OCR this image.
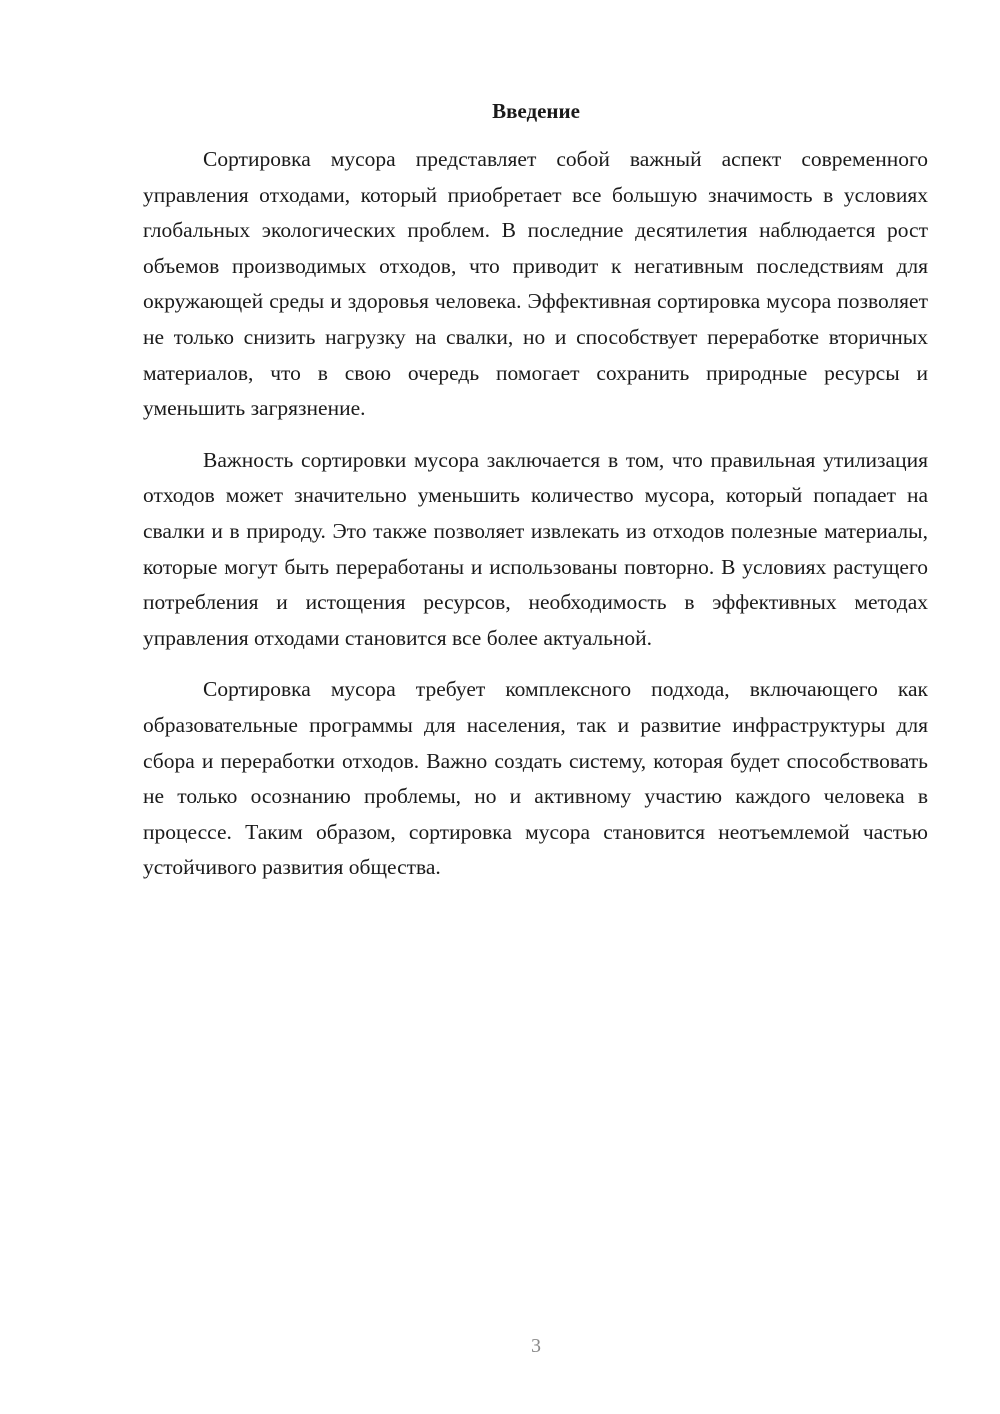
Введение

Сортировка мусора представляет собой важный аспект современного управления отходами, который приобретает все большую значимость в условиях глобальных экологических проблем. В последние десятилетия наблюдается рост объемов производимых отходов, что приводит к негативным последствиям для окружающей среды и здоровья человека. Эффективная сортировка мусора позволяет не только снизить нагрузку на свалки, но и способствует переработке вторичных материалов, что в свою очередь помогает сохранить природные ресурсы и уменьшить загрязнение.

Важность сортировки мусора заключается в том, что правильная утилизация отходов может значительно уменьшить количество мусора, который попадает на свалки и в природу. Это также позволяет извлекать из отходов полезные материалы, которые могут быть переработаны и использованы повторно. В условиях растущего потребления и истощения ресурсов, необходимость в эффективных методах управления отходами становится все более актуальной.

Сортировка мусора требует комплексного подхода, включающего как образовательные программы для населения, так и развитие инфраструктуры для сбора и переработки отходов. Важно создать систему, которая будет способствовать не только осознанию проблемы, но и активному участию каждого человека в процессе. Таким образом, сортировка мусора становится неотъемлемой частью устойчивого развития общества.

3
